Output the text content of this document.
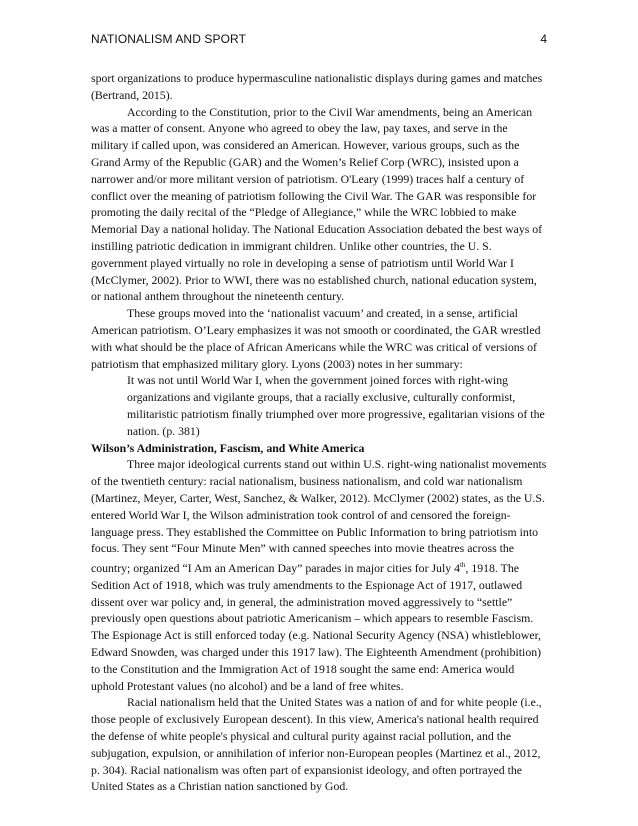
NATIONALISM AND SPORT	4

sport organizations to produce hypermasculine nationalistic displays during games and matches (Bertrand, 2015).

According to the Constitution, prior to the Civil War amendments, being an American was a matter of consent. Anyone who agreed to obey the law, pay taxes, and serve in the military if called upon, was considered an American. However, various groups, such as the Grand Army of the Republic (GAR) and the Women’s Relief Corp (WRC), insisted upon a narrower and/or more militant version of patriotism. O'Leary (1999) traces half a century of conflict over the meaning of patriotism following the Civil War. The GAR was responsible for promoting the daily recital of the “Pledge of Allegiance,” while the WRC lobbied to make Memorial Day a national holiday. The National Education Association debated the best ways of instilling patriotic dedication in immigrant children. Unlike other countries, the U. S. government played virtually no role in developing a sense of patriotism until World War I (McClymer, 2002). Prior to WWI, there was no established church, national education system, or national anthem throughout the nineteenth century.

These groups moved into the ‘nationalist vacuum’ and created, in a sense, artificial American patriotism. O’Leary emphasizes it was not smooth or coordinated, the GAR wrestled with what should be the place of African Americans while the WRC was critical of versions of patriotism that emphasized military glory. Lyons (2003) notes in her summary:

It was not until World War I, when the government joined forces with right-wing organizations and vigilante groups, that a racially exclusive, culturally conformist, militaristic patriotism finally triumphed over more progressive, egalitarian visions of the nation. (p. 381)

Wilson’s Administration, Fascism, and White America

Three major ideological currents stand out within U.S. right-wing nationalist movements of the twentieth century: racial nationalism, business nationalism, and cold war nationalism (Martinez, Meyer, Carter, West, Sanchez, & Walker, 2012). McClymer (2002) states, as the U.S. entered World War I, the Wilson administration took control of and censored the foreign-language press. They established the Committee on Public Information to bring patriotism into focus. They sent “Four Minute Men” with canned speeches into movie theatres across the country; organized “I Am an American Day” parades in major cities for July 4th, 1918. The Sedition Act of 1918, which was truly amendments to the Espionage Act of 1917, outlawed dissent over war policy and, in general, the administration moved aggressively to “settle” previously open questions about patriotic Americanism – which appears to resemble Fascism. The Espionage Act is still enforced today (e.g. National Security Agency (NSA) whistleblower, Edward Snowden, was charged under this 1917 law). The Eighteenth Amendment (prohibition) to the Constitution and the Immigration Act of 1918 sought the same end: America would uphold Protestant values (no alcohol) and be a land of free whites.

Racial nationalism held that the United States was a nation of and for white people (i.e., those people of exclusively European descent). In this view, America's national health required the defense of white people's physical and cultural purity against racial pollution, and the subjugation, expulsion, or annihilation of inferior non-European peoples (Martinez et al., 2012, p. 304). Racial nationalism was often part of expansionist ideology, and often portrayed the United States as a Christian nation sanctioned by God.
